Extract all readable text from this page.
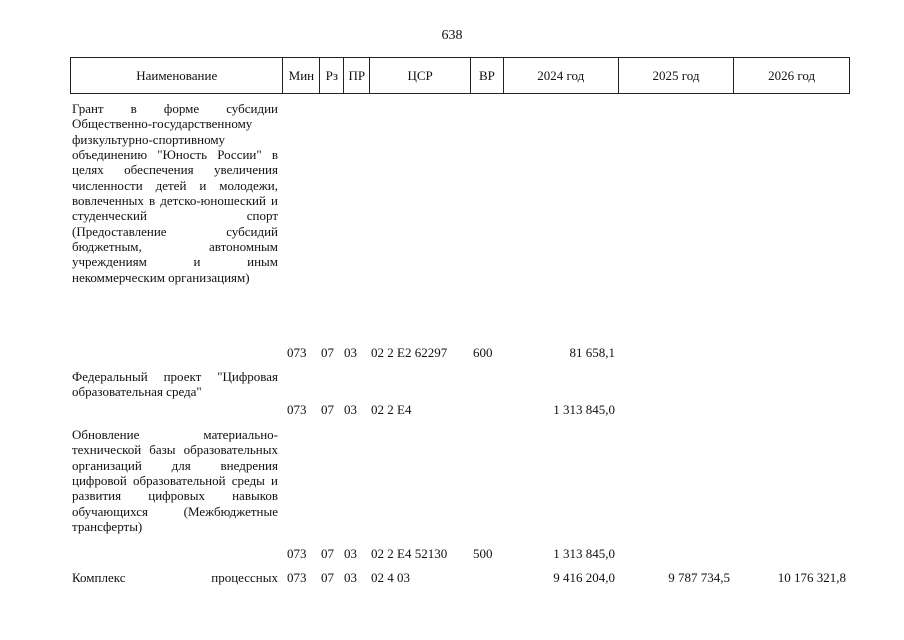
638
Наименование	Мин Рз ПР	ЦСР	ВР	2024 год	2025 год	2026 год

Грант в форме субсидии Общественно-государственному физкультурно-спортивному объединению "Юность России" в целях обеспечения увеличения численности детей и молодежи, вовлеченных в детско-юношеский и студенческий спорт (Предоставление субсидий бюджетным, автономным учреждениям и иным некоммерческим организациям)

073 07 03 02 2 E2 62297 600	81 658,1

Федеральный проект "Цифровая образовательная среда"

073 07 03 02 2 E4	1 313 845,0

Обновление материально-технической базы образовательных организаций для внедрения цифровой образовательной среды и развития цифровых навыков обучающихся (Межбюджетные трансферты)

073 07 03 02 2 E4 52130 500	1 313 845,0

Комплекс процессных 073 07 03 02 4 03	9 416 204,0	9 787 734,5	10 176 321,8
